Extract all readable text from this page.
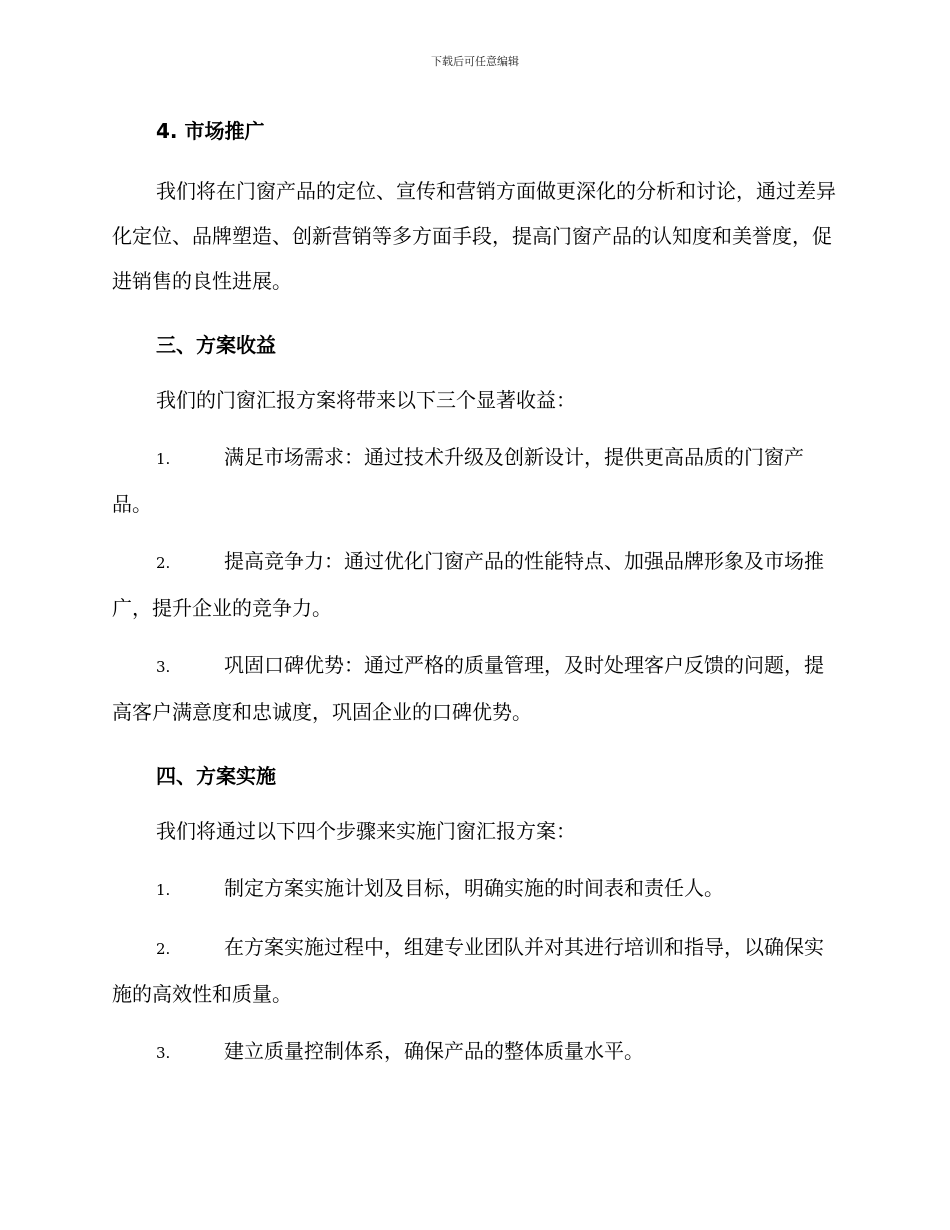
下载后可任意编辑

4. 市场推广

我们将在门窗产品的定位、宣传和营销方面做更深化的分析和讨论，通过差异化定位、品牌塑造、创新营销等多方面手段，提高门窗产品的认知度和美誉度，促进销售的良性进展。

三、方案收益

我们的门窗汇报方案将带来以下三个显著收益：

1.	满足市场需求：通过技术升级及创新设计，提供更高品质的门窗产品。

2.	提高竞争力：通过优化门窗产品的性能特点、加强品牌形象及市场推广，提升企业的竞争力。

3.	巩固口碑优势：通过严格的质量管理，及时处理客户反馈的问题，提高客户满意度和忠诚度，巩固企业的口碑优势。

四、方案实施

我们将通过以下四个步骤来实施门窗汇报方案：

1.	制定方案实施计划及目标，明确实施的时间表和责任人。

2.	在方案实施过程中，组建专业团队并对其进行培训和指导，以确保实施的高效性和质量。

3.	建立质量控制体系，确保产品的整体质量水平。
